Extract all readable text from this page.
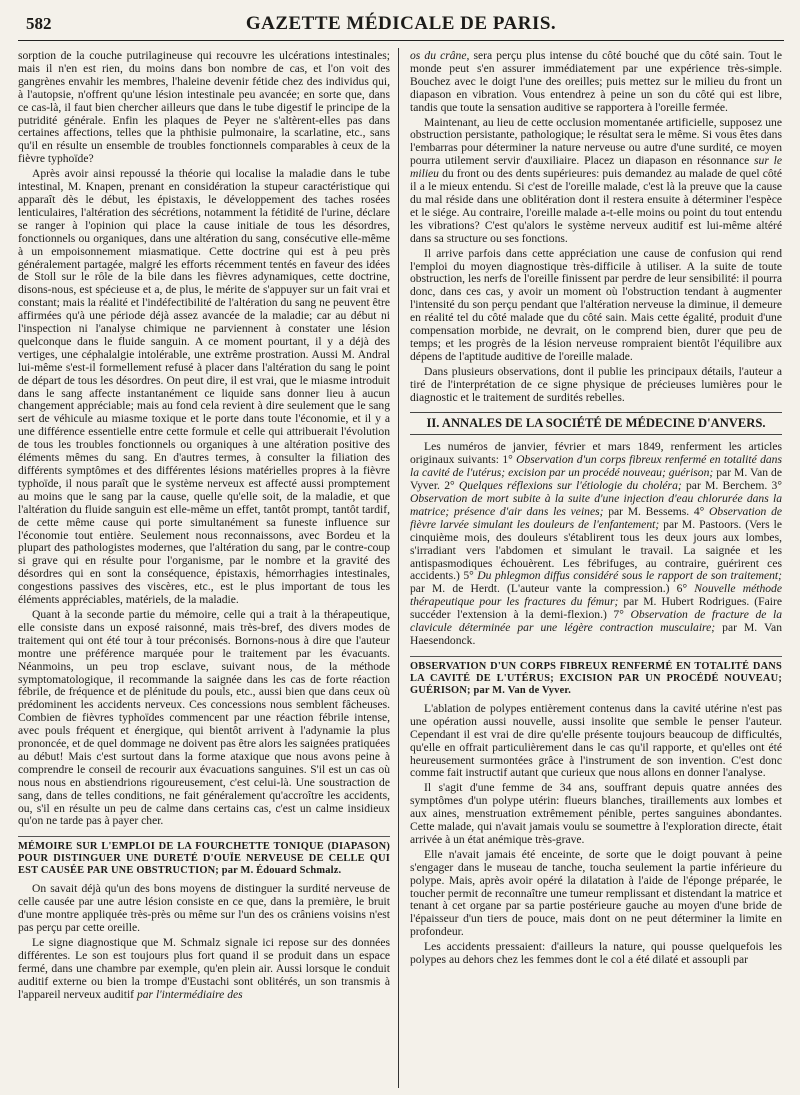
582	GAZETTE MÉDICALE DE PARIS.

sorption de la couche putrilagineuse qui recouvre les ulcérations intestinales; mais il n'en est rien, du moins dans bon nombre de cas, et l'on voit des gangrènes envahir les membres, l'haleine devenir fétide chez des individus qui, à l'autopsie, n'offrent qu'une lésion intestinale peu avancée; en sorte que, dans ce cas-là, il faut bien chercher ailleurs que dans le tube digestif le principe de la putridité générale. Enfin les plaques de Peyer ne s'altèrent-elles pas dans certaines affections, telles que la phthisie pulmonaire, la scarlatine, etc., sans qu'il en résulte un ensemble de troubles fonctionnels comparables à ceux de la fièvre typhoïde?

Après avoir ainsi repoussé la théorie qui localise la maladie dans le tube intestinal, M. Knapen, prenant en considération la stupeur caractéristique qui apparaît dès le début, les épistaxis, le développement des taches rosées lenticulaires, l'altération des sécrétions, notamment la fétidité de l'urine, déclare se ranger à l'opinion qui place la cause initiale de tous les désordres, fonctionnels ou organiques, dans une altération du sang, consécutive elle-même à un empoisonnement miasmatique. Cette doctrine qui est à peu près généralement partagée, malgré les efforts récemment tentés en faveur des idées de Stoll sur le rôle de la bile dans les fièvres adynamiques, cette doctrine, disons-nous, est spécieuse et a, de plus, le mérite de s'appuyer sur un fait vrai et constant; mais la réalité et l'indéfectibilité de l'altération du sang ne peuvent être affirmées qu'à une période déjà assez avancée de la maladie; car au début ni l'inspection ni l'analyse chimique ne parviennent à constater une lésion quelconque dans le fluide sanguin. A ce moment pourtant, il y a déjà des vertiges, une céphalalgie intolérable, une extrême prostration. Aussi M. Andral lui-même s'est-il formellement refusé à placer dans l'altération du sang le point de départ de tous les désordres. On peut dire, il est vrai, que le miasme introduit dans le sang affecte instantanément ce liquide sans donner lieu à aucun changement appréciable; mais au fond cela revient à dire seulement que le sang sert de véhicule au miasme toxique et le porte dans toute l'économie, et il y a une différence essentielle entre cette formule et celle qui attribuerait l'évolution de tous les troubles fonctionnels ou organiques à une altération positive des éléments mêmes du sang. En d'autres termes, à consulter la filiation des différents symptômes et des différentes lésions matérielles propres à la fièvre typhoïde, il nous paraît que le système nerveux est affecté aussi promptement au moins que le sang par la cause, quelle qu'elle soit, de la maladie, et que l'altération du fluide sanguin est elle-même un effet, tantôt prompt, tantôt tardif, de cette même cause qui porte simultanément sa funeste influence sur l'économie tout entière. Seulement nous reconnaissons, avec Bordeu et la plupart des pathologistes modernes, que l'altération du sang, par le contre-coup si grave qui en résulte pour l'organisme, par le nombre et la gravité des désordres qui en sont la conséquence, épistaxis, hémorrhagies intestinales, congestions passives des viscères, etc., est le plus important de tous les éléments appréciables, matériels, de la maladie.

Quant à la seconde partie du mémoire, celle qui a trait à la thérapeutique, elle consiste dans un exposé raisonné, mais très-bref, des divers modes de traitement qui ont été tour à tour préconisés. Bornons-nous à dire que l'auteur montre une préférence marquée pour le traitement par les évacuants. Néanmoins, un peu trop esclave, suivant nous, de la méthode symptomatologique, il recommande la saignée dans les cas de forte réaction fébrile, de fréquence et de plénitude du pouls, etc., aussi bien que dans ceux où prédominent les accidents nerveux. Ces concessions nous semblent fâcheuses. Combien de fièvres typhoïdes commencent par une réaction fébrile intense, avec pouls fréquent et énergique, qui bientôt arrivent à l'adynamie la plus prononcée, et de quel dommage ne doivent pas être alors les saignées pratiquées au début! Mais c'est surtout dans la forme ataxique que nous avons peine à comprendre le conseil de recourir aux évacuations sanguines. S'il est un cas où nous nous en abstiendrions rigoureusement, c'est celui-là. Une soustraction de sang, dans de telles conditions, ne fait généralement qu'accroître les accidents, ou, s'il en résulte un peu de calme dans certains cas, c'est un calme insidieux qu'on ne tarde pas à payer cher.

MÉMOIRE SUR L'EMPLOI DE LA FOURCHETTE TONIQUE (DIAPASON) POUR DISTINGUER UNE DURETÉ D'OUÏE NERVEUSE DE CELLE QUI EST CAUSÉE PAR UNE OBSTRUCTION; par M. Édouard Schmalz.

On savait déjà qu'un des bons moyens de distinguer la surdité nerveuse de celle causée par une autre lésion consiste en ce que, dans la première, le bruit d'une montre appliquée très-près ou même sur l'un des os crâniens voisins n'est pas perçu par cette oreille.

Le signe diagnostique que M. Schmalz signale ici repose sur des données différentes. Le son est toujours plus fort quand il se produit dans un espace fermé, dans une chambre par exemple, qu'en plein air. Aussi lorsque le conduit auditif externe ou bien la trompe d'Eustachi sont oblitérés, un son transmis à l'appareil nerveux auditif par l'intermédiaire des

os du crâne, sera perçu plus intense du côté bouché que du côté sain. Tout le monde peut s'en assurer immédiatement par une expérience très-simple. Bouchez avec le doigt l'une des oreilles; puis mettez sur le milieu du front un diapason en vibration. Vous entendrez à peine un son du côté qui est libre, tandis que toute la sensation auditive se rapportera à l'oreille fermée.

Maintenant, au lieu de cette occlusion momentanée artificielle, supposez une obstruction persistante, pathologique; le résultat sera le même. Si vous êtes dans l'embarras pour déterminer la nature nerveuse ou autre d'une surdité, ce moyen pourra utilement servir d'auxiliaire. Placez un diapason en résonnance sur le milieu du front ou des dents supérieures: puis demandez au malade de quel côté il a le mieux entendu. Si c'est de l'oreille malade, c'est là la preuve que la cause du mal réside dans une oblitération dont il restera ensuite à déterminer l'espèce et le siége. Au contraire, l'oreille malade a-t-elle moins ou point du tout entendu les vibrations? C'est qu'alors le système nerveux auditif est lui-même altéré dans sa structure ou ses fonctions.

Il arrive parfois dans cette appréciation une cause de confusion qui rend l'emploi du moyen diagnostique très-difficile à utiliser. A la suite de toute obstruction, les nerfs de l'oreille finissent par perdre de leur sensibilité: il pourra donc, dans ces cas, y avoir un moment où l'obstruction tendant à augmenter l'intensité du son perçu pendant que l'altération nerveuse la diminue, il demeure en réalité tel du côté malade que du côté sain. Mais cette égalité, produit d'une compensation morbide, ne devrait, on le comprend bien, durer que peu de temps; et les progrès de la lésion nerveuse rompraient bientôt l'équilibre aux dépens de l'aptitude auditive de l'oreille malade.

Dans plusieurs observations, dont il publie les principaux détails, l'auteur a tiré de l'interprétation de ce signe physique de précieuses lumières pour le diagnostic et le traitement de surdités rebelles.

II. ANNALES DE LA SOCIÉTÉ DE MÉDECINE D'ANVERS.

Les numéros de janvier, février et mars 1849, renferment les articles originaux suivants: 1° Observation d'un corps fibreux renfermé en totalité dans la cavité de l'utérus; excision par un procédé nouveau; guérison; par M. Van de Vyver. 2° Quelques réflexions sur l'étiologie du choléra; par M. Berchem. 3° Observation de mort subite à la suite d'une injection d'eau chlorurée dans la matrice; présence d'air dans les veines; par M. Bessems. 4° Observation de fièvre larvée simulant les douleurs de l'enfantement; par M. Pastoors. (Vers le cinquième mois, des douleurs s'établirent tous les deux jours aux lombes, s'irradiant vers l'abdomen et simulant le travail. La saignée et les antispasmodiques échouèrent. Les fébrifuges, au contraire, guérirent ces accidents.) 5° Du phlegmon diffus considéré sous le rapport de son traitement; par M. de Herdt. (L'auteur vante la compression.) 6° Nouvelle méthode thérapeutique pour les fractures du fémur; par M. Hubert Rodrigues. (Faire succéder l'extension à la demi-flexion.) 7° Observation de fracture de la clavicule déterminée par une légère contraction musculaire; par M. Van Haesendonck.

OBSERVATION D'UN CORPS FIBREUX RENFERMÉ EN TOTALITÉ DANS LA CAVITÉ DE L'UTÉRUS; EXCISION PAR UN PROCÉDÉ NOUVEAU; GUÉRISON; par M. Van de Vyver.

L'ablation de polypes entièrement contenus dans la cavité utérine n'est pas une opération aussi nouvelle, aussi insolite que semble le penser l'auteur. Cependant il est vrai de dire qu'elle présente toujours beaucoup de difficultés, qu'elle en offrait particulièrement dans le cas qu'il rapporte, et qu'elles ont été heureusement surmontées grâce à l'instrument de son invention. C'est donc comme fait instructif autant que curieux que nous allons en donner l'analyse.

Il s'agit d'une femme de 34 ans, souffrant depuis quatre années des symptômes d'un polype utérin: flueurs blanches, tiraillements aux lombes et aux aines, menstruation extrêmement pénible, pertes sanguines abondantes. Cette malade, qui n'avait jamais voulu se soumettre à l'exploration directe, était arrivée à un état anémique très-grave.

Elle n'avait jamais été enceinte, de sorte que le doigt pouvant à peine s'engager dans le museau de tanche, toucha seulement la partie inférieure du polype. Mais, après avoir opéré la dilatation à l'aide de l'éponge préparée, le toucher permit de reconnaître une tumeur remplissant et distendant la matrice et tenant à cet organe par sa partie postérieure gauche au moyen d'une bride de l'épaisseur d'un tiers de pouce, mais dont on ne peut déterminer la limite en profondeur.

Les accidents pressaient: d'ailleurs la nature, qui pousse quelquefois les polypes au dehors chez les femmes dont le col a été dilaté et assoupli par
